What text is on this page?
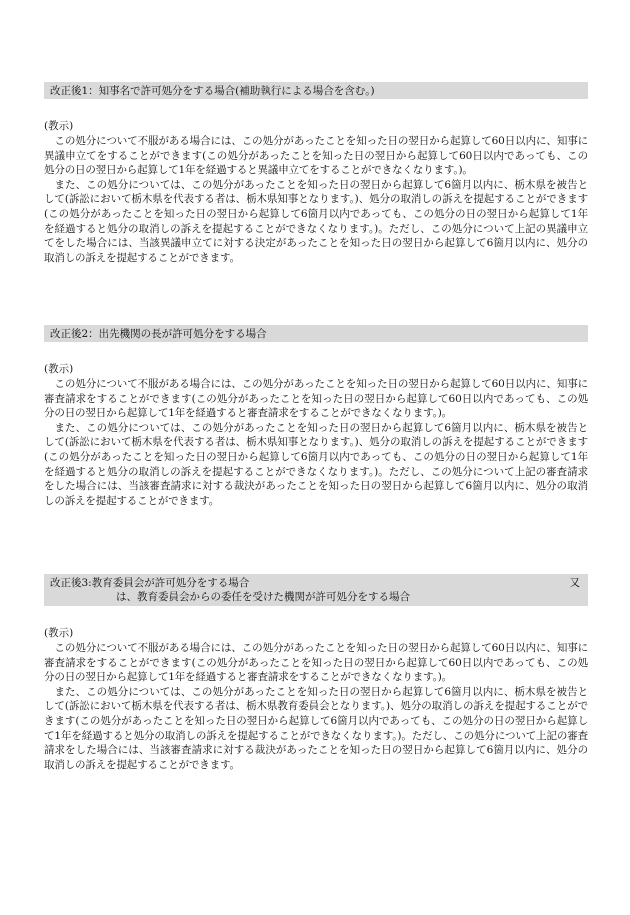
改正後1：知事名で許可処分をする場合(補助執行による場合を含む。)
(教示)

この処分について不服がある場合には、この処分があったことを知った日の翌日から起算して60日以内に、知事に異議申立てをすることができます(この処分があったことを知った日の翌日から起算して60日以内であっても、この処分の日の翌日から起算して1年を経過すると異議申立てをすることができなくなります。)。

また、この処分については、この処分があったことを知った日の翌日から起算して6箇月以内に、栃木県を被告として(訴訟において栃木県を代表する者は、栃木県知事となります。)、処分の取消しの訴えを提起することができます(この処分があったことを知った日の翌日から起算して6箇月以内であっても、この処分の日の翌日から起算して1年を経過すると処分の取消しの訴えを提起することができなくなります。)。ただし、この処分について上記の異議申立てをした場合には、当該異議申立てに対する決定があったことを知った日の翌日から起算して6箇月以内に、処分の取消しの訴えを提起することができます。

改正後2：出先機関の長が許可処分をする場合
(教示)

この処分について不服がある場合には、この処分があったことを知った日の翌日から起算して60日以内に、知事に審査請求をすることができます(この処分があったことを知った日の翌日から起算して60日以内であっても、この処分の日の翌日から起算して1年を経過すると審査請求をすることができなくなります。)。

また、この処分については、この処分があったことを知った日の翌日から起算して6箇月以内に、栃木県を被告として(訴訟において栃木県を代表する者は、栃木県知事となります。)、処分の取消しの訴えを提起することができます(この処分があったことを知った日の翌日から起算して6箇月以内であっても、この処分の日の翌日から起算して1年を経過すると処分の取消しの訴えを提起することができなくなります。)。ただし、この処分について上記の審査請求をした場合には、当該審査請求に対する裁決があったことを知った日の翌日から起算して6箇月以内に、処分の取消しの訴えを提起することができます。

改正後3:教育委員会が許可処分をする場合	又
は、教育委員会からの委任を受けた機関が許可処分をする場合
(教示)

この処分について不服がある場合には、この処分があったことを知った日の翌日から起算して60日以内に、知事に審査請求をすることができます(この処分があったことを知った日の翌日から起算して60日以内であっても、この処分の日の翌日から起算して1年を経過すると審査請求をすることができなくなります。)。

また、この処分については、この処分があったことを知った日の翌日から起算して6箇月以内に、栃木県を被告として(訴訟において栃木県を代表する者は、栃木県教育委員会となります。)、処分の取消しの訴えを提起することができます(この処分があったことを知った日の翌日から起算して6箇月以内であっても、この処分の日の翌日から起算して1年を経過すると処分の取消しの訴えを提起することができなくなります。)。ただし、この処分について上記の審査請求をした場合には、当該審査請求に対する裁決があったことを知った日の翌日から起算して6箇月以内に、処分の取消しの訴えを提起することができます。
